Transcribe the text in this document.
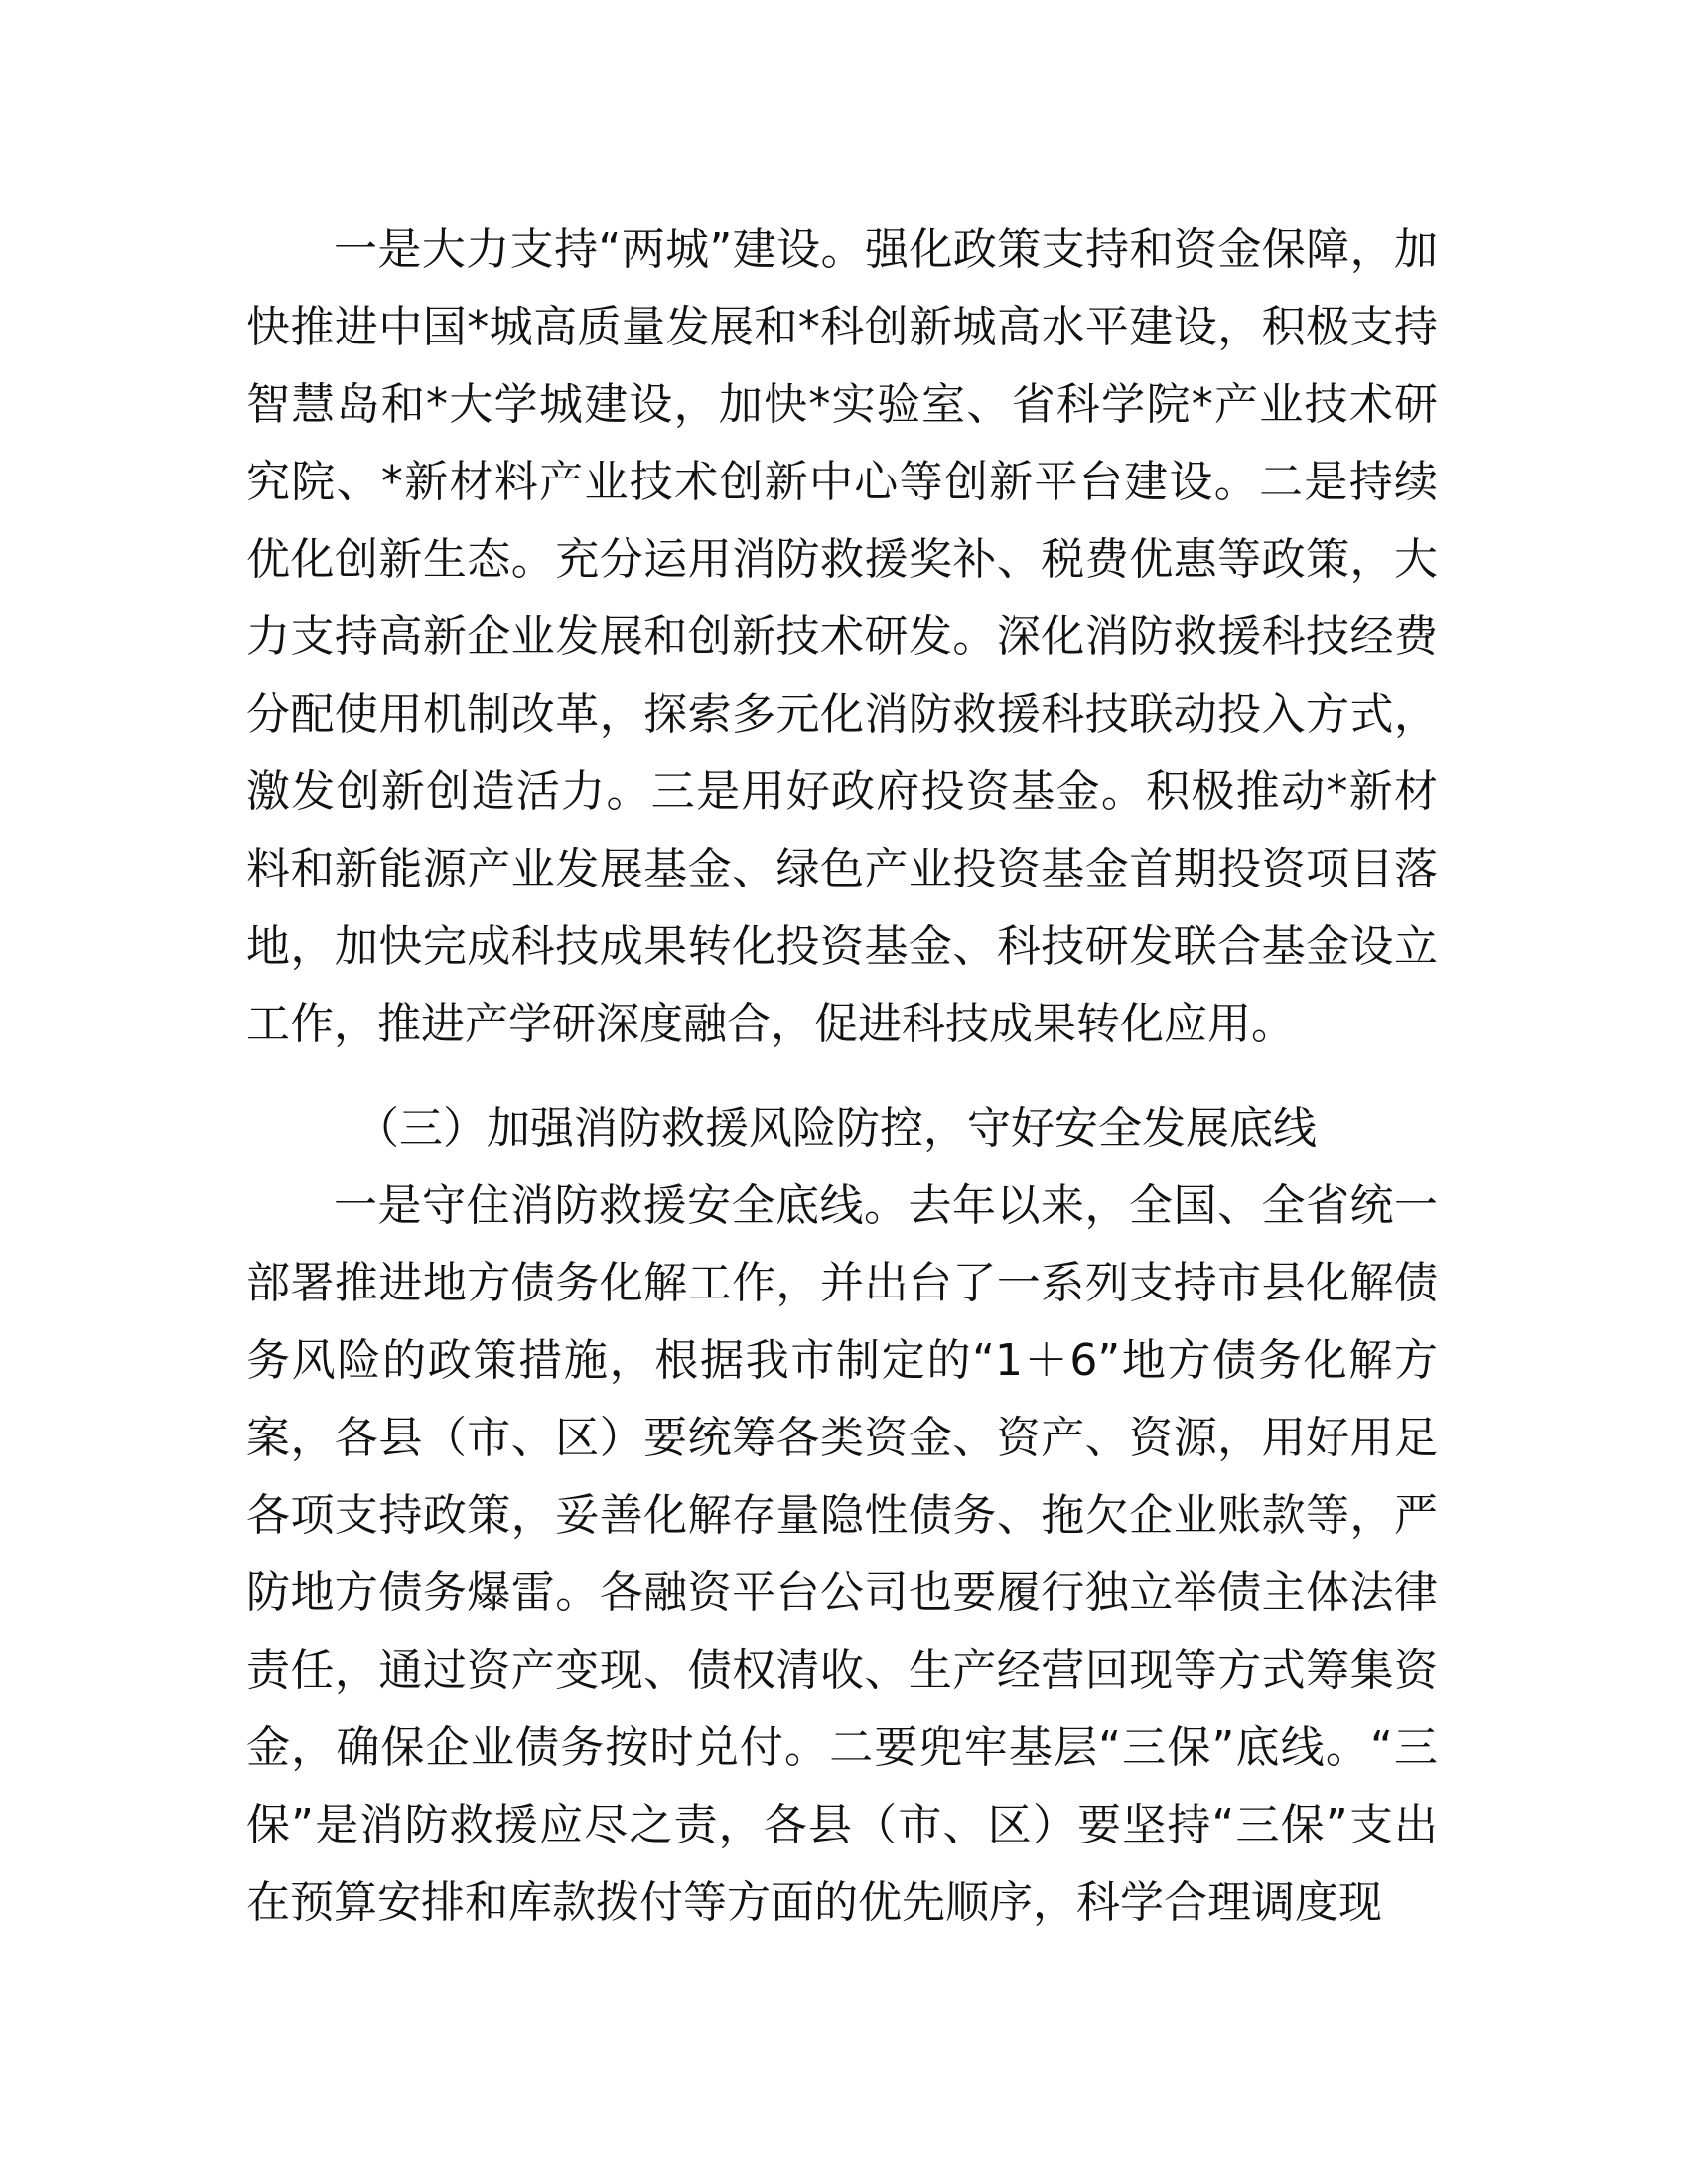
一是大力支持“两城”建设。强化政策支持和资金保障，加快推进中国*城高质量发展和*科创新城高水平建设，积极支持智慧岛和*大学城建设，加快*实验室、省科学院*产业技术研究院、*新材料产业技术创新中心等创新平台建设。二是持续优化创新生态。充分运用消防救援奖补、税费优惠等政策，大力支持高新企业发展和创新技术研发。深化消防救援科技经费分配使用机制改革，探索多元化消防救援科技联动投入方式，激发创新创造活力。三是用好政府投资基金。积极推动*新材料和新能源产业发展基金、绿色产业投资基金首期投资项目落地，加快完成科技成果转化投资基金、科技研发联合基金设立工作，推进产学研深度融合，促进科技成果转化应用。

（三）加强消防救援风险防控，守好安全发展底线

一是守住消防救援安全底线。去年以来，全国、全省统一部署推进地方债务化解工作，并出台了一系列支持市县化解债务风险的政策措施，根据我市制定的“1＋6”地方债务化解方案，各县（市、区）要统筹各类资金、资产、资源，用好用足各项支持政策，妥善化解存量隐性债务、拖欠企业账款等，严防地方债务爆雷。各融资平台公司也要履行独立举债主体法律责任，通过资产变现、债权清收、生产经营回现等方式筹集资金，确保企业债务按时兑付。二要兜牢基层“三保”底线。“三保”是消防救援应尽之责，各县（市、区）要坚持“三保”支出在预算安排和库款拨付等方面的优先顺序，科学合理调度现
